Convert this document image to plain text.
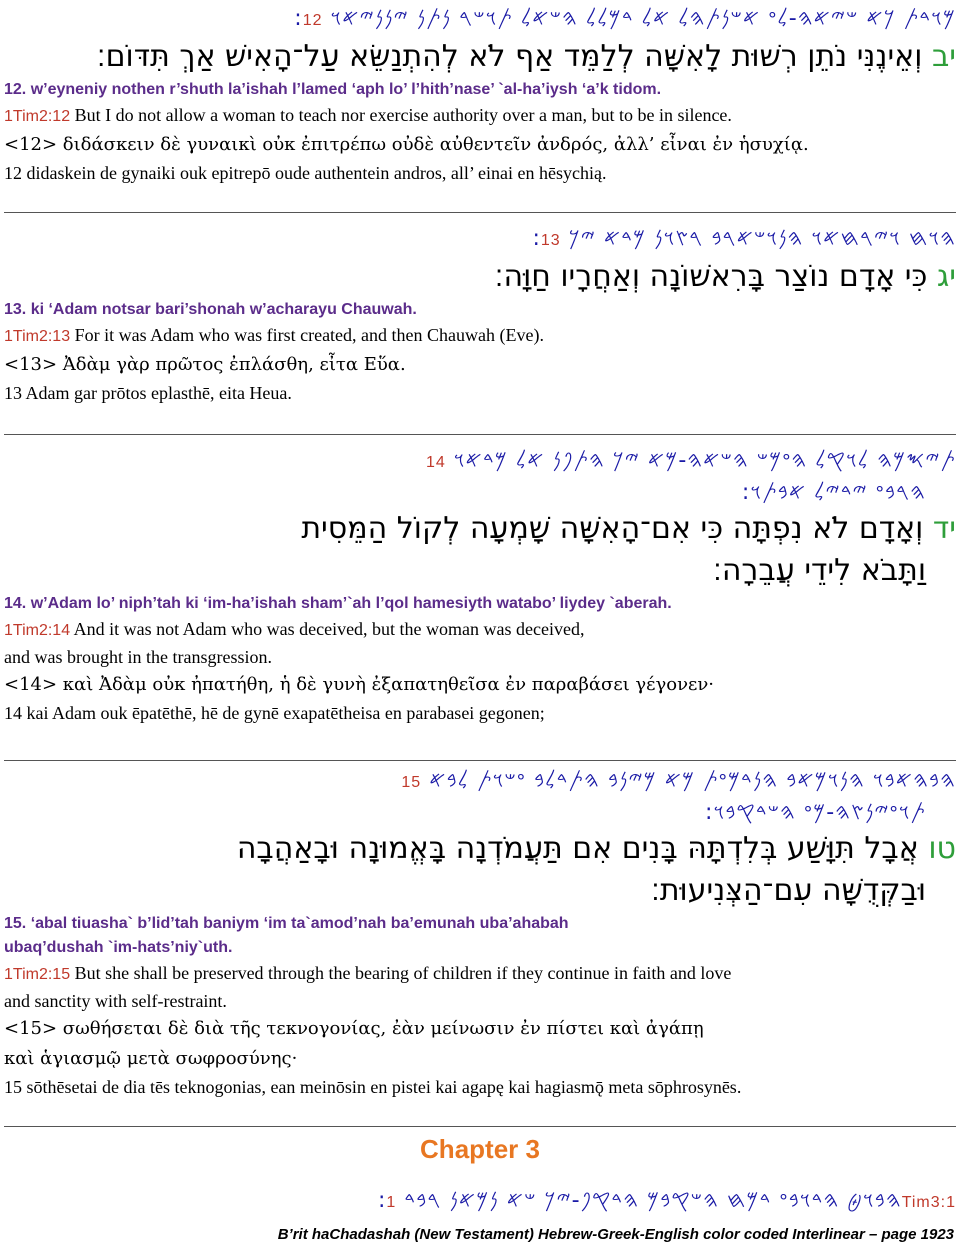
:𐤌𐤅𐤃𐤕 𐤊𐤀 𐤔𐤉𐤀𐤄-𐤋𐤏 𐤀𐤔𐤍𐤕𐤄𐤋 𐤀𐤋 𐤃𐤌𐤋𐤋 𐤄𐤔𐤀𐤋 𐤕𐤅𐤔𐤓 𐤍𐤕𐤍 𐤉𐤍𐤍𐤉𐤀𐤅 12
יב וְאֵינֶנִּי נֹתֵן רְשׁוּת לָאִשָּׁה לְלַמֵּד אַף לֹא לְהִתְנַשֵּׂא עַל־הָאִישׁ אַךְ תִּדּוֹם׃
12. w’eyneniy nothen r’shuth la’ishah l’lamed ‘aph lo’ l’hith’nase’ `al-ha’iysh ‘a’k tidom.
1Tim2:12 But I do not allow a woman to teach nor exercise authority over a man, but to be in silence.
<12> διδάσκειν δὲ γυναικὶ οὐκ ἐπιτρέπω οὐδὲ αὐθεντεῖν ἀνδρός, ἀλλ’ εἶναι ἐν ἡσυχίᾳ.
12 didaskein de gynaiki ouk epitrepō oude authentein andros, all’ einai en hēsychią.
:𐤄𐤅𐤇 𐤅𐤉𐤓𐤇𐤀𐤅 𐤄𐤍𐤅𐤔𐤀𐤓𐤁 𐤓𐤑𐤅𐤍 𐤌𐤃𐤀 𐤉𐤊 13
יג כִּי אָדָם נוֹצַר בָּרִאשׁוֹנָה וְאַחֲרָיו חַוָּה׃
13. ki ‘Adam notsar bari’shonah w’acharayu Chauwah.
1Tim2:13 For it was Adam who was first created, and then Chauwah (Eve).
<13> Ἀδὰμ γὰρ πρῶτος ἐπλάσθη, εἶτα Εὕα.
13 Adam gar prōtos eplasthē, eita Heua.
𐤕𐤉𐤎𐤌𐤄 𐤋𐤅𐤒𐤋 𐤄𐤏𐤌𐤔 𐤄𐤔𐤀𐤄-𐤌𐤀 𐤉𐤊 𐤄𐤕𐤐𐤍 𐤀𐤋 𐤌𐤃𐤀𐤅 14
:𐤄𐤓𐤁𐤏 𐤉𐤃𐤉𐤋 𐤀𐤁𐤕𐤅
יד וְאָדָם לֹא נִפְתָּה כִּי אִם־הָאִשָּׁה שָׁמְעָה לְקוֹל הַמֵּסִית
וַתָּבֹא לִידֵי עֲבֵרָה׃
14. w’Adam lo’ niph’tah ki ‘im-ha’ishah sham’`ah l’qol hamesiyth watabo’ liydey `aberah.
1Tim2:14 And it was not Adam who was deceived, but the woman was deceived,
and was brought in the transgression.
<14> καὶ Ἀδὰμ οὐκ ἠπατήθη, ἡ δὲ γυνὴ ἐξαπατηθεῖσα ἐν παραβάσει γέγονεν·
14 kai Adam ouk ēpatēthē, hē de gynē exapatētheisa en parabasei gegonen;
𐤄𐤁𐤄𐤀𐤁𐤅 𐤄𐤍𐤅𐤌𐤀𐤁 𐤄𐤍𐤃𐤌𐤏𐤕 𐤌𐤀 𐤌𐤉𐤍𐤁 𐤄𐤕𐤃𐤋𐤁 𐤏𐤔𐤅𐤕 𐤋𐤁𐤀 15
:𐤕𐤅𐤏𐤉𐤍𐤑𐤄-𐤌𐤏 𐤄𐤔𐤃𐤒𐤁𐤅
טו אֲבָל תִּוָּשַׁע בְּלִדְתָּהּ בָּנִים אִם תַּעֲמֹדְנָה בָּאֱמוּנָה וּבָאַהֲבָה
וּבַקְּדֻשָּׁה עִם־הַצְּנִיעוּת׃
15. ‘abal tiuasha` b’lid’tah baniym ‘im ta`amod’nah ba’emunah uba’ahabah
ubaq’dushah `im-hats’niy`uth.
1Tim2:15 But she shall be preserved through the bearing of children if they continue in faith and love
and sanctity with self-restraint.
<15> σωθήσεται δὲ διὰ τῆς τεκνογονίας, ἐὰν μείνωσιν ἐν πίστει καὶ ἀγάπῃ
καὶ ἁγιασμῷ μετὰ σωφροσύνης·
15 sōthēsetai de dia tēs teknogonias, ean meinōsin en pistei kai agapę kai hagiasmǭ meta sōphrosynēs.
Chapter 3
:𐤄𐤁𐤅𐤈 𐤄𐤃𐤅𐤁𐤏 𐤃𐤌𐤇 𐤄𐤔𐤒𐤁𐤌 𐤄𐤃𐤒𐤐-𐤉𐤊 𐤔𐤀 𐤍𐤌𐤀𐤍 𐤓𐤁𐤃 1Tim3:1
B’rit haChadashah (New Testament) Hebrew-Greek-English color coded Interlinear – page 1923
